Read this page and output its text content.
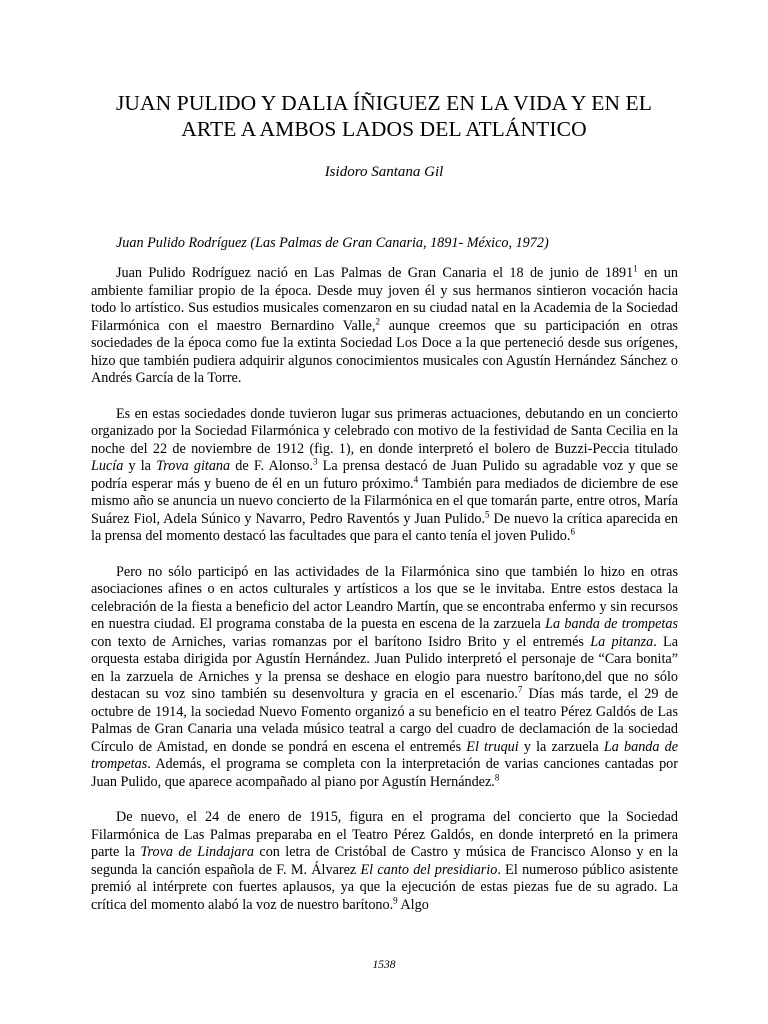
JUAN PULIDO Y DALIA ÍÑIGUEZ EN LA VIDA Y EN EL
ARTE A AMBOS LADOS DEL ATLÁNTICO
Isidoro Santana Gil

Juan Pulido Rodríguez (Las Palmas de Gran Canaria, 1891- México, 1972)

Juan Pulido Rodríguez nació en Las Palmas de Gran Canaria el 18 de junio de 1891$^1$ en un ambiente familiar propio de la época. Desde muy joven él y sus hermanos sintieron vocación hacia todo lo artístico. Sus estudios musicales comenzaron en su ciudad natal en la Academia de la Sociedad Filarmónica con el maestro Bernardino Valle,$^2$ aunque creemos que su participación en otras sociedades de la época como fue la extinta Sociedad Los Doce a la que perteneció desde sus orígenes, hizo que también pudiera adquirir algunos conocimientos musicales con Agustín Hernández Sánchez o Andrés García de la Torre.

Es en estas sociedades donde tuvieron lugar sus primeras actuaciones, debutando en un concierto organizado por la Sociedad Filarmónica y celebrado con motivo de la festividad de Santa Cecilia en la noche del 22 de noviembre de 1912 (fig. 1), en donde interpretó el bolero de Buzzi-Peccia titulado Lucía y la Trova gitana de F. Alonso.$^3$ La prensa destacó de Juan Pulido su agradable voz y que se podría esperar más y bueno de él en un futuro próximo.$^4$ También para mediados de diciembre de ese mismo año se anuncia un nuevo concierto de la Filarmónica en el que tomarán parte, entre otros, María Suárez Fiol, Adela Súnico y Navarro, Pedro Raventós y Juan Pulido.$^5$ De nuevo la crítica aparecida en la prensa del momento destacó las facultades que para el canto tenía el joven Pulido.$^6$

Pero no sólo participó en las actividades de la Filarmónica sino que también lo hizo en otras asociaciones afines o en actos culturales y artísticos a los que se le invitaba. Entre estos destaca la celebración de la fiesta a beneficio del actor Leandro Martín, que se encontraba enfermo y sin recursos en nuestra ciudad. El programa constaba de la puesta en escena de la zarzuela La banda de trompetas con texto de Arniches, varias romanzas por el barítono Isidro Brito y el entremés La pitanza. La orquesta estaba dirigida por Agustín Hernández. Juan Pulido interpretó el personaje de “Cara bonita” en la zarzuela de Arniches y la prensa se deshace en elogio para nuestro barítono,del que no sólo destacan su voz sino también su desenvoltura y gracia en el escenario.$^7$ Días más tarde, el 29 de octubre de 1914, la sociedad Nuevo Fomento organizó a su beneficio en el teatro Pérez Galdós de Las Palmas de Gran Canaria una velada músico teatral a cargo del cuadro de declamación de la sociedad Círculo de Amistad, en donde se pondrá en escena el entremés El truqui y la zarzuela La banda de trompetas. Además, el programa se completa con la interpretación de varias canciones cantadas por Juan Pulido, que aparece acompañado al piano por Agustín Hernández.$^8$

De nuevo, el 24 de enero de 1915, figura en el programa del concierto que la Sociedad Filarmónica de Las Palmas preparaba en el Teatro Pérez Galdós, en donde interpretó en la primera parte la Trova de Lindajara con letra de Cristóbal de Castro y música de Francisco Alonso y en la segunda la canción española de F. M. Álvarez El canto del presidiario. El numeroso público asistente premió al intérprete con fuertes aplausos, ya que la ejecución de estas piezas fue de su agrado. La crítica del momento alabó la voz de nuestro barítono.$^9$ Algo

1538
